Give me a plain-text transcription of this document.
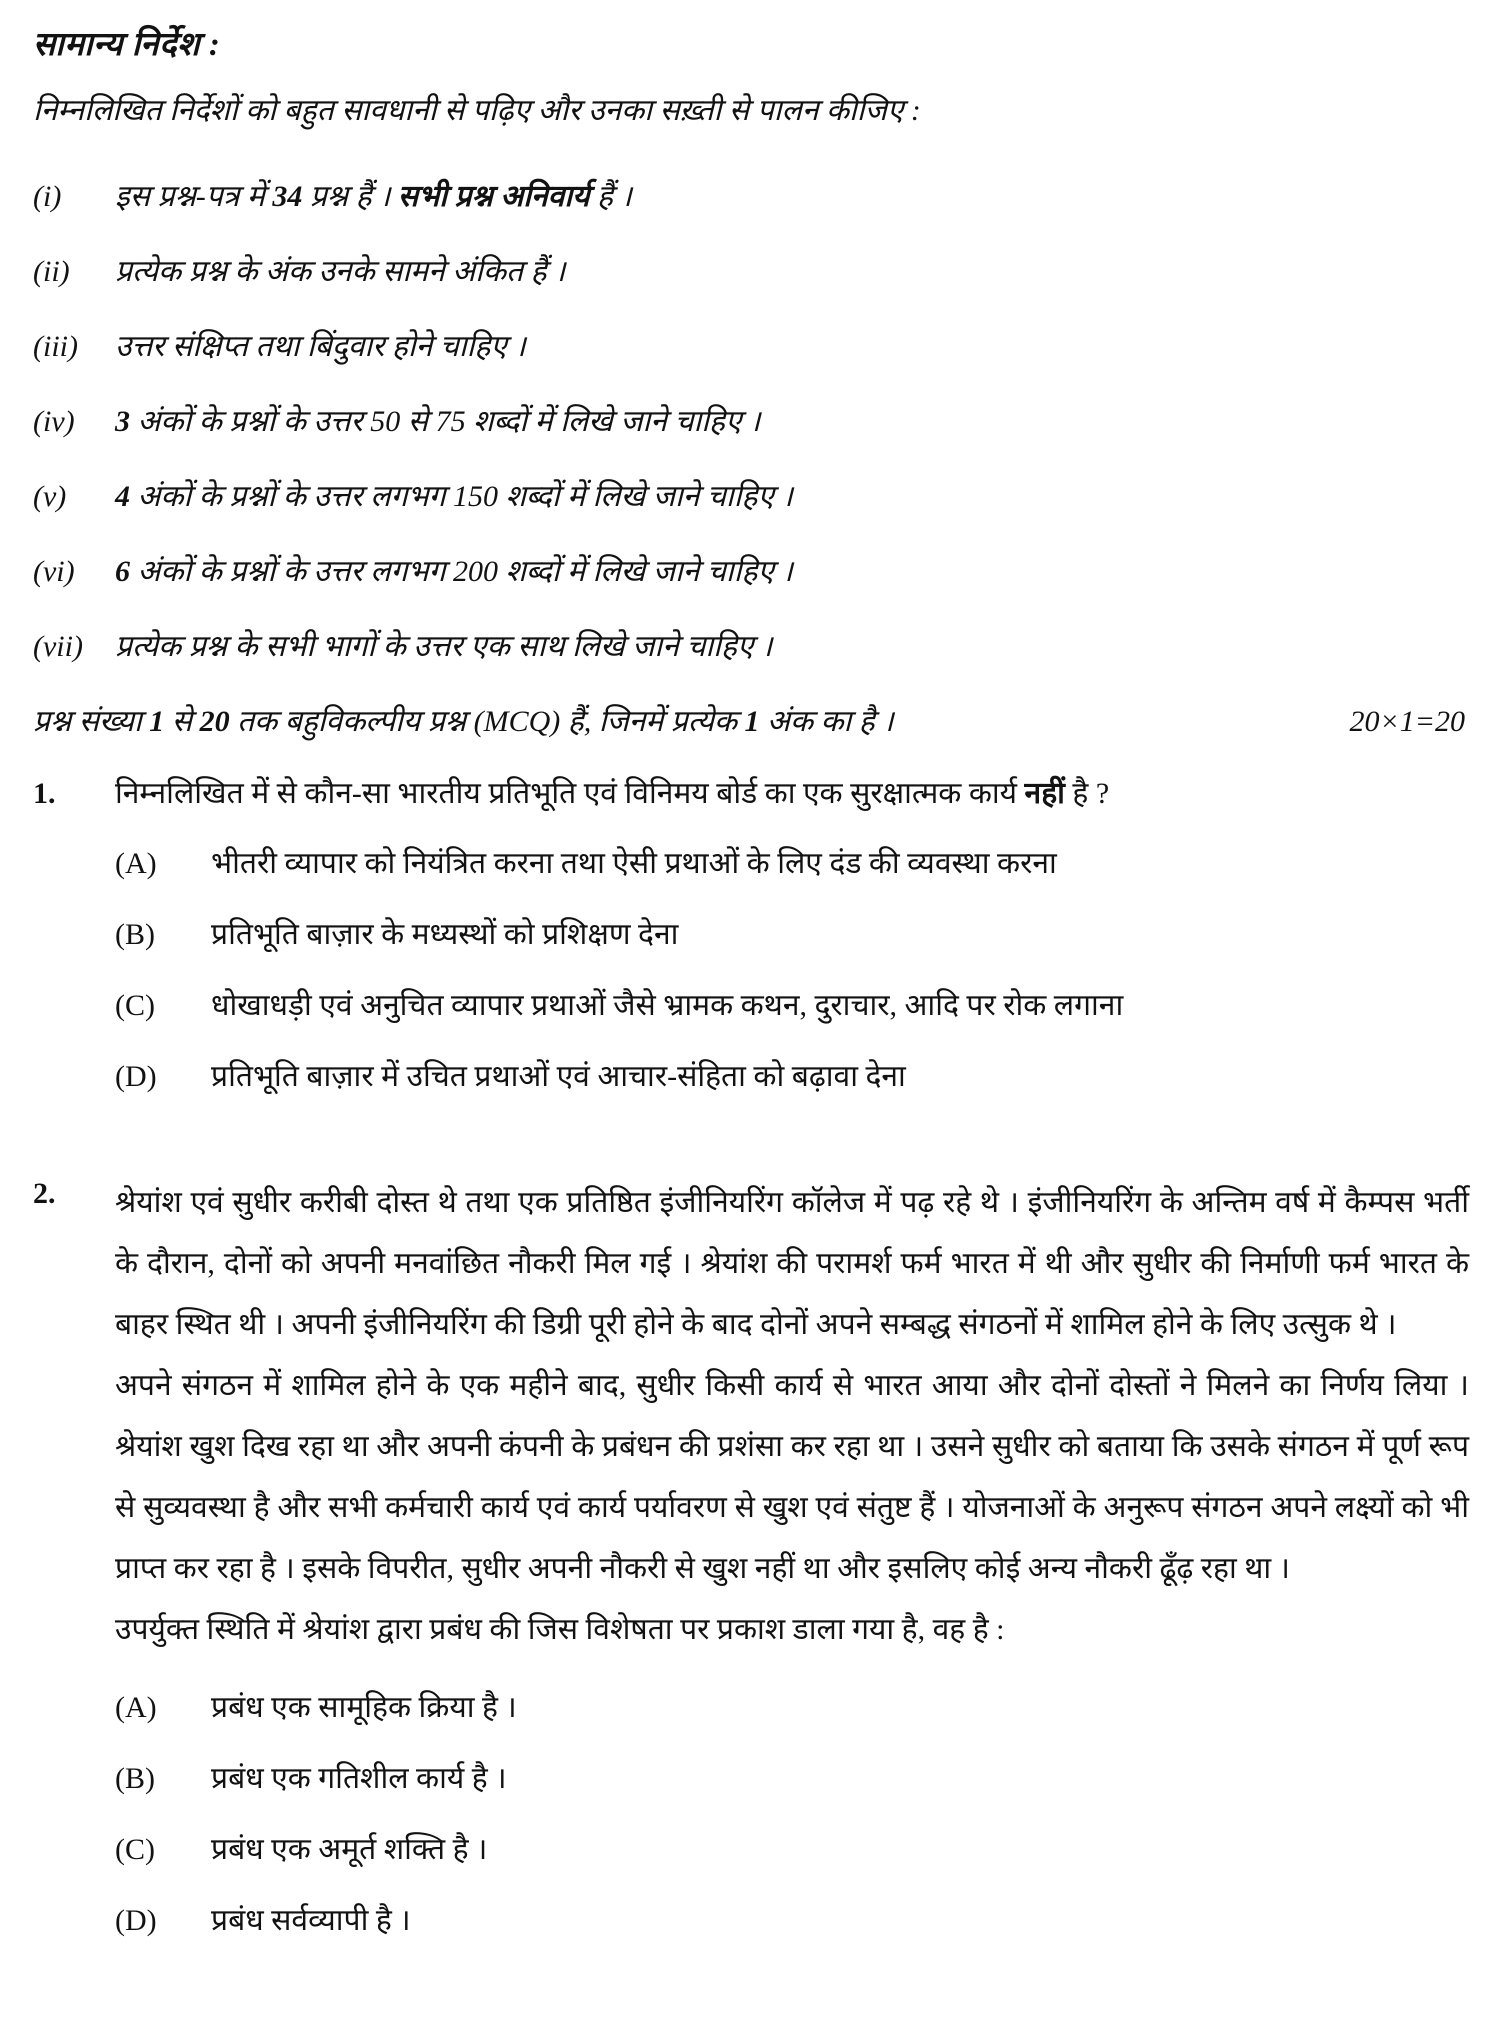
सामान्य निर्देश :
निम्नलिखित निर्देशों को बहुत सावधानी से पढ़िए और उनका सख़्ती से पालन कीजिए :
(i)	इस प्रश्न-पत्र में 34 प्रश्न हैं । सभी प्रश्न अनिवार्य हैं ।
(ii)	प्रत्येक प्रश्न के अंक उनके सामने अंकित हैं ।
(iii)	उत्तर संक्षिप्त तथा बिंदुवार होने चाहिए ।
(iv)	3 अंकों के प्रश्नों के उत्तर 50 से 75 शब्दों में लिखे जाने चाहिए ।
(v)	4 अंकों के प्रश्नों के उत्तर लगभग 150 शब्दों में लिखे जाने चाहिए ।
(vi)	6 अंकों के प्रश्नों के उत्तर लगभग 200 शब्दों में लिखे जाने चाहिए ।
(vii)	प्रत्येक प्रश्न के सभी भागों के उत्तर एक साथ लिखे जाने चाहिए ।
प्रश्न संख्या 1 से 20 तक बहुविकल्पीय प्रश्न (MCQ) हैं, जिनमें प्रत्येक 1 अंक का है ।	20×1=20
1.	निम्नलिखित में से कौन-सा भारतीय प्रतिभूति एवं विनिमय बोर्ड का एक सुरक्षात्मक कार्य नहीं है ?
(A)	भीतरी व्यापार को नियंत्रित करना तथा ऐसी प्रथाओं के लिए दंड की व्यवस्था करना
(B)	प्रतिभूति बाज़ार के मध्यस्थों को प्रशिक्षण देना
(C)	धोखाधड़ी एवं अनुचित व्यापार प्रथाओं जैसे भ्रामक कथन, दुराचार, आदि पर रोक लगाना
(D)	प्रतिभूति बाज़ार में उचित प्रथाओं एवं आचार-संहिता को बढ़ावा देना
2.	श्रेयांश एवं सुधीर करीबी दोस्त थे तथा एक प्रतिष्ठित इंजीनियरिंग कॉलेज में पढ़ रहे थे । इंजीनियरिंग के अन्तिम वर्ष में कैम्पस भर्ती के दौरान, दोनों को अपनी मनवांछित नौकरी मिल गई । श्रेयांश की परामर्श फर्म भारत में थी और सुधीर की निर्माणी फर्म भारत के बाहर स्थित थी । अपनी इंजीनियरिंग की डिग्री पूरी होने के बाद दोनों अपने सम्बद्ध संगठनों में शामिल होने के लिए उत्सुक थे ।

अपने संगठन में शामिल होने के एक महीने बाद, सुधीर किसी कार्य से भारत आया और दोनों दोस्तों ने मिलने का निर्णय लिया । श्रेयांश खुश दिख रहा था और अपनी कंपनी के प्रबंधन की प्रशंसा कर रहा था । उसने सुधीर को बताया कि उसके संगठन में पूर्ण रूप से सुव्यवस्था है और सभी कर्मचारी कार्य एवं कार्य पर्यावरण से खुश एवं संतुष्ट हैं । योजनाओं के अनुरूप संगठन अपने लक्ष्यों को भी प्राप्त कर रहा है । इसके विपरीत, सुधीर अपनी नौकरी से खुश नहीं था और इसलिए कोई अन्य नौकरी ढूँढ़ रहा था ।

उपर्युक्त स्थिति में श्रेयांश द्वारा प्रबंध की जिस विशेषता पर प्रकाश डाला गया है, वह है :

(A)	प्रबंध एक सामूहिक क्रिया है ।
(B)	प्रबंध एक गतिशील कार्य है ।
(C)	प्रबंध एक अमूर्त शक्ति है ।
(D)	प्रबंध सर्वव्यापी है ।
